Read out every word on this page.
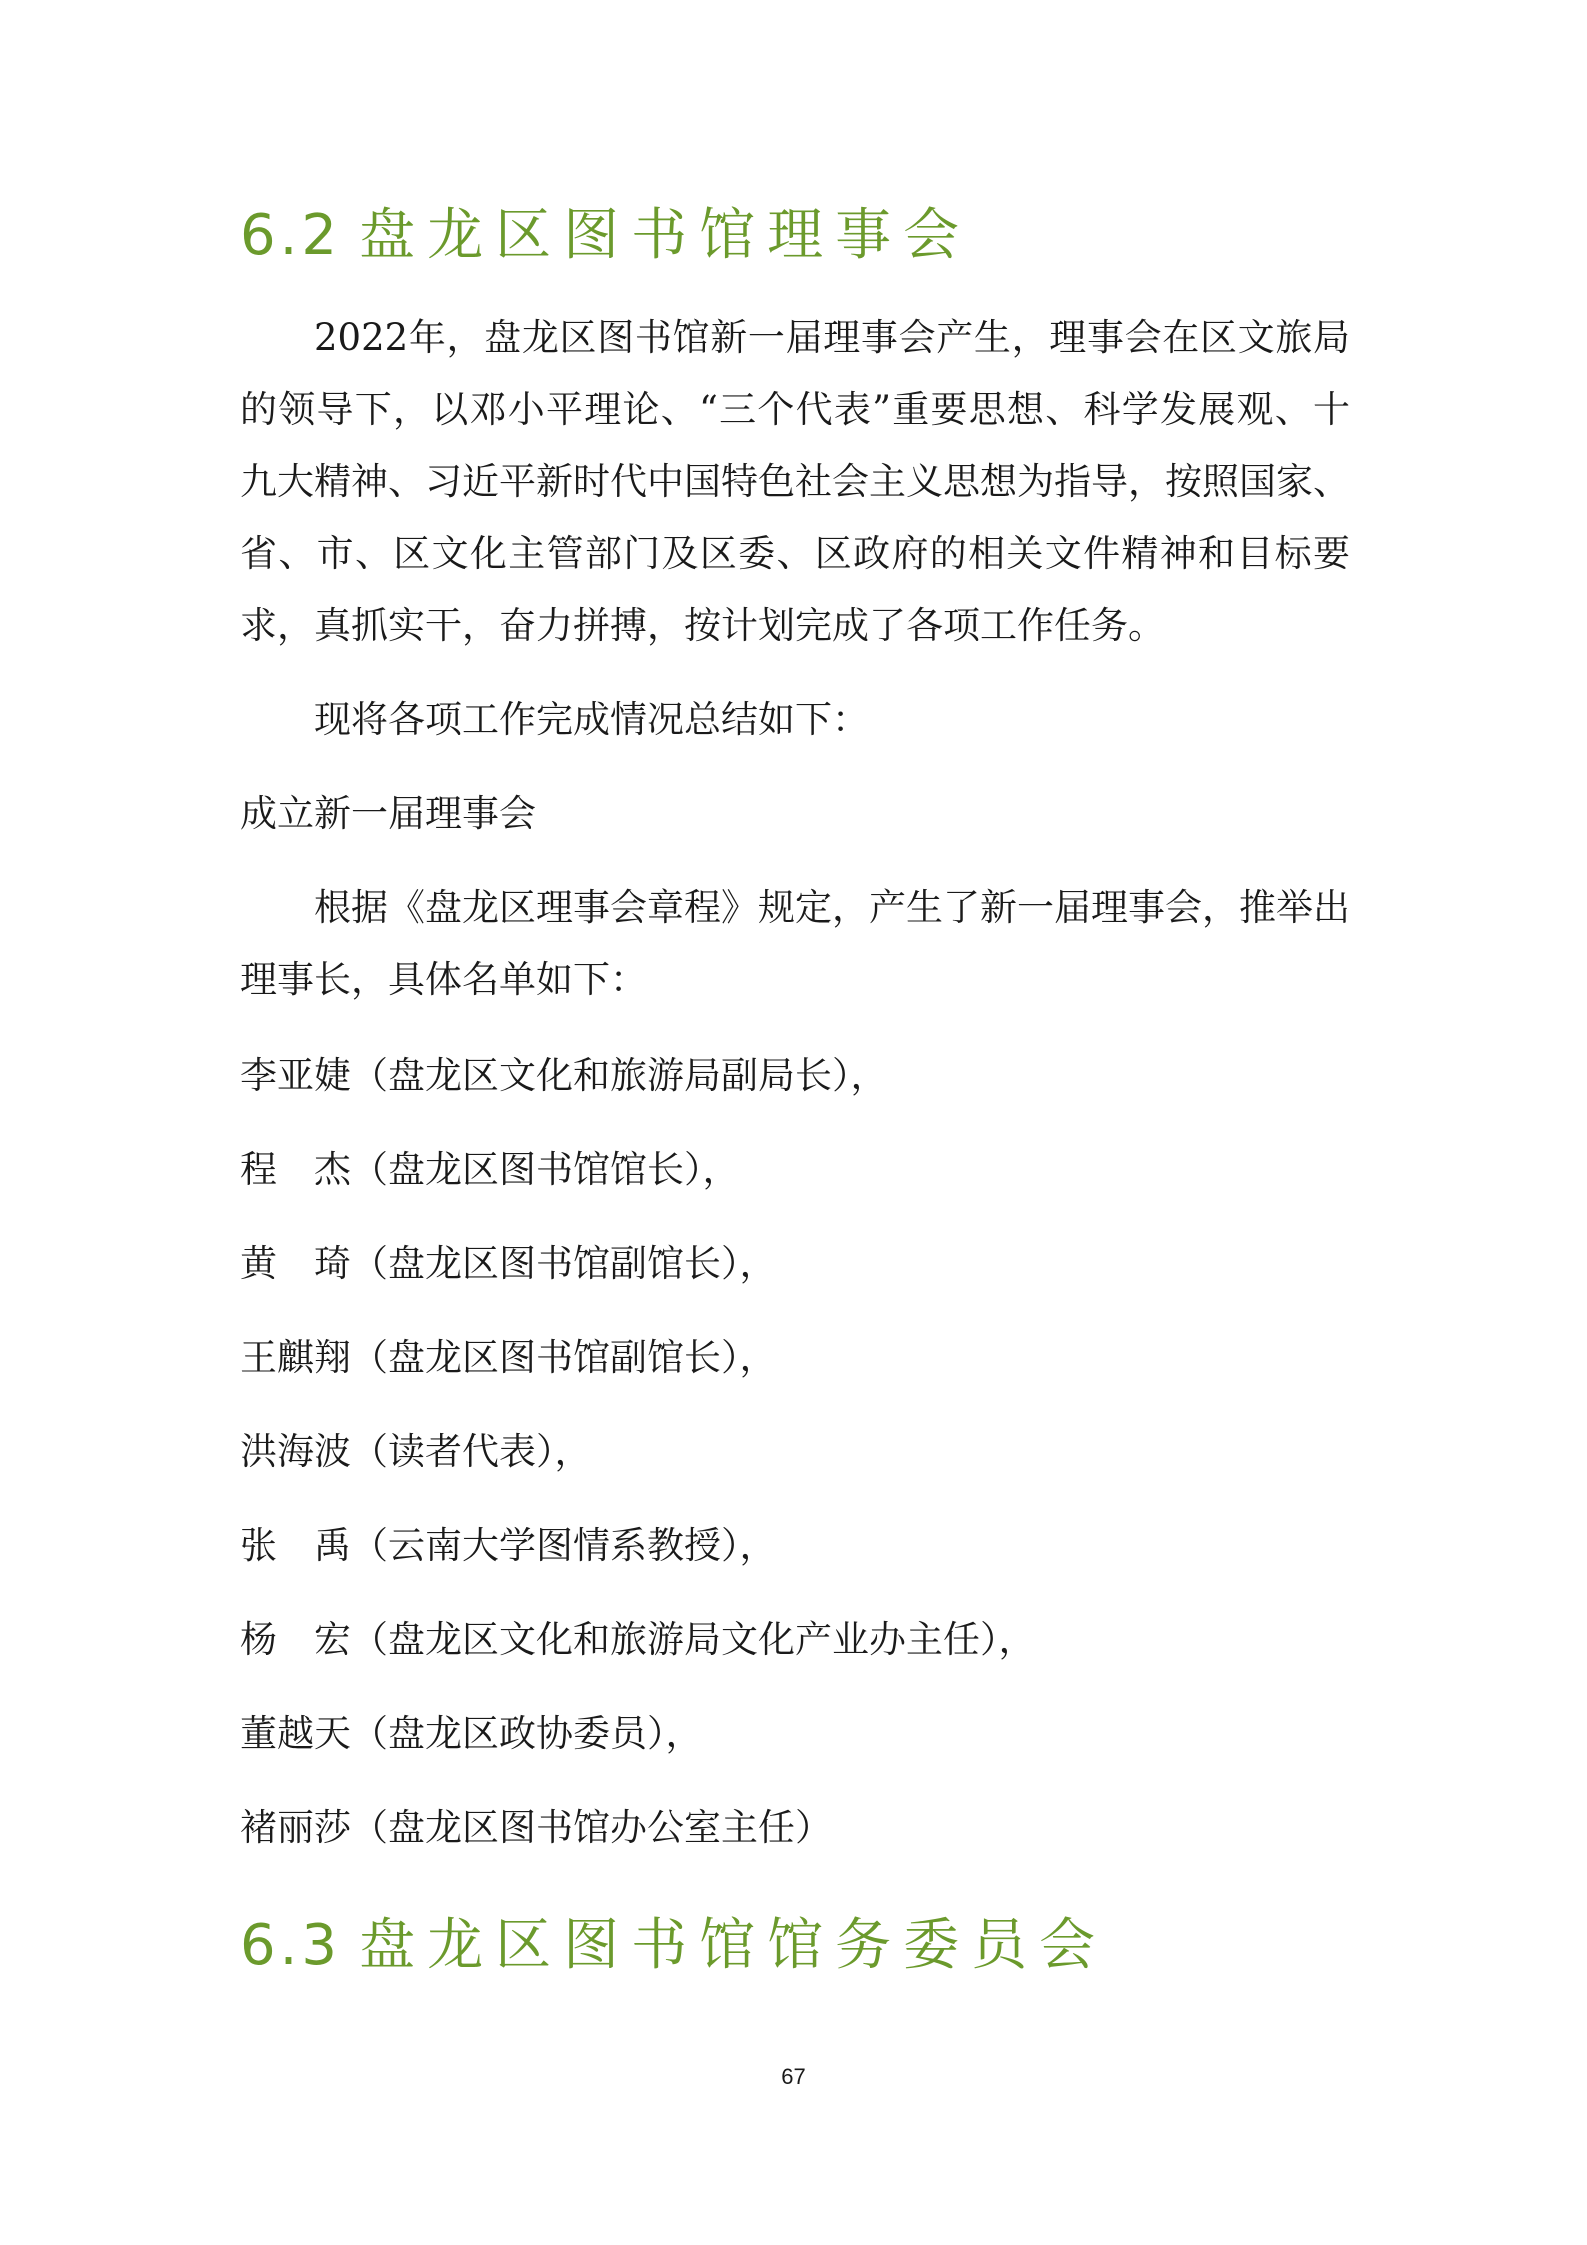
6.2 盘龙区图书馆理事会

2022年，盘龙区图书馆新一届理事会产生，理事会在区文旅局的领导下，以邓小平理论、“三个代表”重要思想、科学发展观、十九大精神、习近平新时代中国特色社会主义思想为指导，按照国家、省、市、区文化主管部门及区委、区政府的相关文件精神和目标要求，真抓实干，奋力拼搏，按计划完成了各项工作任务。

现将各项工作完成情况总结如下：

成立新一届理事会

根据《盘龙区理事会章程》规定，产生了新一届理事会，推举出理事长，具体名单如下：

李亚婕（盘龙区文化和旅游局副局长），

程杰（盘龙区图书馆馆长），

黄琦（盘龙区图书馆副馆长），

王麒翔（盘龙区图书馆副馆长），

洪海波（读者代表），

张禹（云南大学图情系教授），

杨宏（盘龙区文化和旅游局文化产业办主任），

董越天（盘龙区政协委员），

褚丽莎（盘龙区图书馆办公室主任）

6.3 盘龙区图书馆馆务委员会
67
